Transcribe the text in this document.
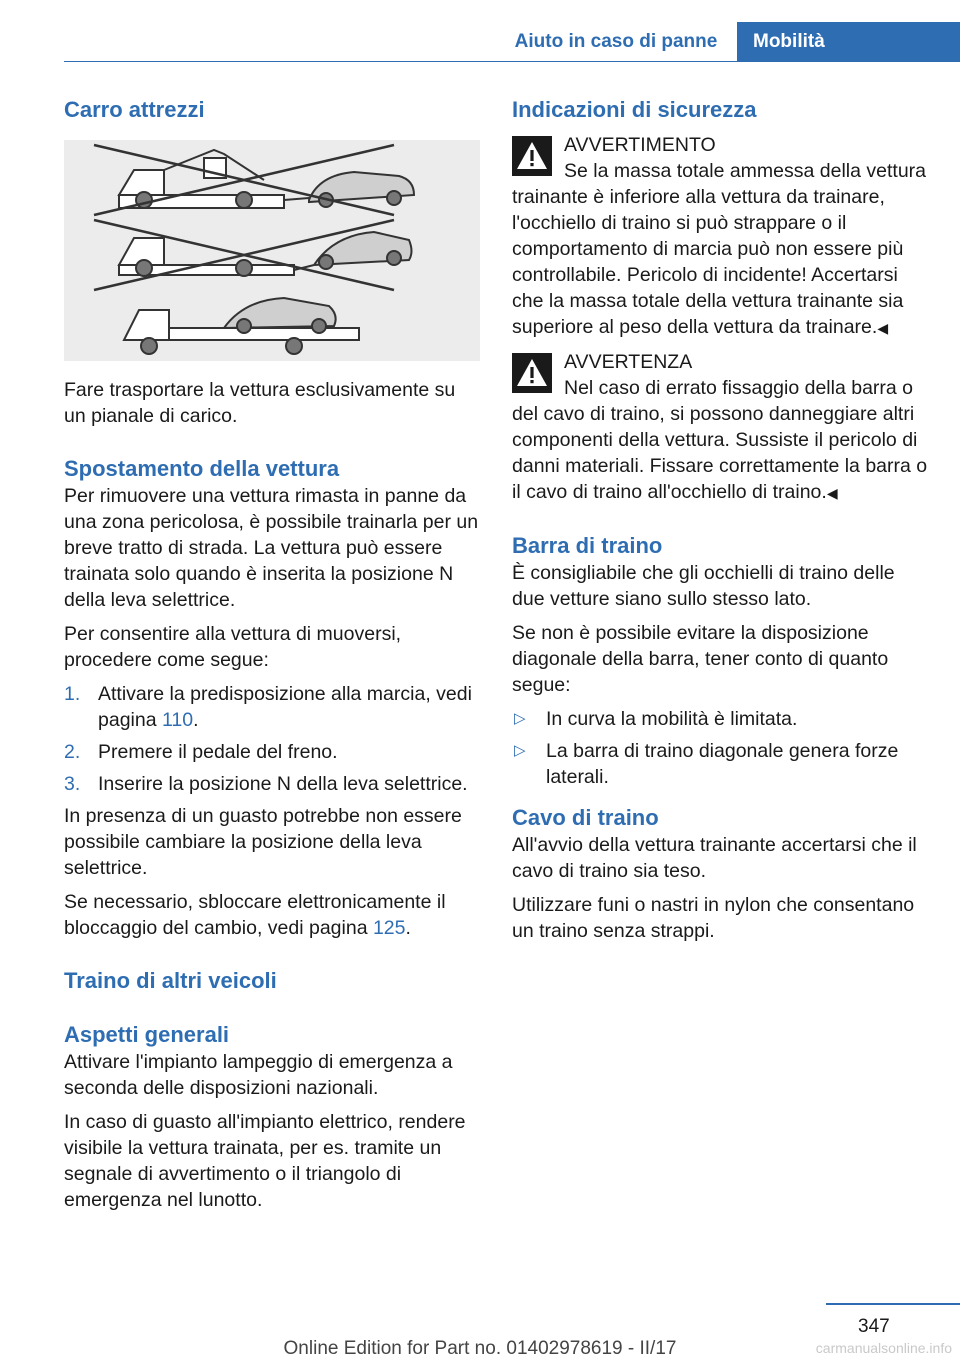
Aiuto in caso di panne	Mobilità
Carro attrezzi

Fare trasportare la vettura esclusivamente su un pianale di carico.

Spostamento della vettura

Per rimuovere una vettura rimasta in panne da una zona pericolosa, è possibile trainarla per un breve tratto di strada. La vettura può essere trainata solo quando è inserita la posizione N della leva selettrice.

Per consentire alla vettura di muoversi, procedere come segue:

1. Attivare la predisposizione alla marcia, vedi pagina 110.
2. Premere il pedale del freno.
3. Inserire la posizione N della leva selettrice.

In presenza di un guasto potrebbe non essere possibile cambiare la posizione della leva selettrice.

Se necessario, sbloccare elettronicamente il bloccaggio del cambio, vedi pagina 125.

Traino di altri veicoli
Aspetti generali

Attivare l'impianto lampeggio di emergenza a seconda delle disposizioni nazionali.

In caso di guasto all'impianto elettrico, rendere visibile la vettura trainata, per es. tramite un segnale di avvertimento o il triangolo di emergenza nel lunotto.

Indicazioni di sicurezza
AVVERTIMENTO

Se la massa totale ammessa della vettura trainante è inferiore alla vettura da trainare, l'occhiello di traino si può strappare o il comportamento di marcia può non essere più controllabile. Pericolo di incidente! Accertarsi che la massa totale della vettura trainante sia superiore al peso della vettura da trainare.◀

AVVERTENZA

Nel caso di errato fissaggio della barra o del cavo di traino, si possono danneggiare altri componenti della vettura. Sussiste il pericolo di danni materiali. Fissare correttamente la barra o il cavo di traino all'occhiello di traino.◀

Barra di traino

È consigliabile che gli occhielli di traino delle due vetture siano sullo stesso lato.

Se non è possibile evitare la disposizione diagonale della barra, tener conto di quanto segue:

▷ In curva la mobilità è limitata.
▷ La barra di traino diagonale genera forze laterali.
Cavo di traino

All'avvio della vettura trainante accertarsi che il cavo di traino sia teso.

Utilizzare funi o nastri in nylon che consentano un traino senza strappi.

347
Online Edition for Part no. 01402978619 - II/17	carmanualsonline.info
